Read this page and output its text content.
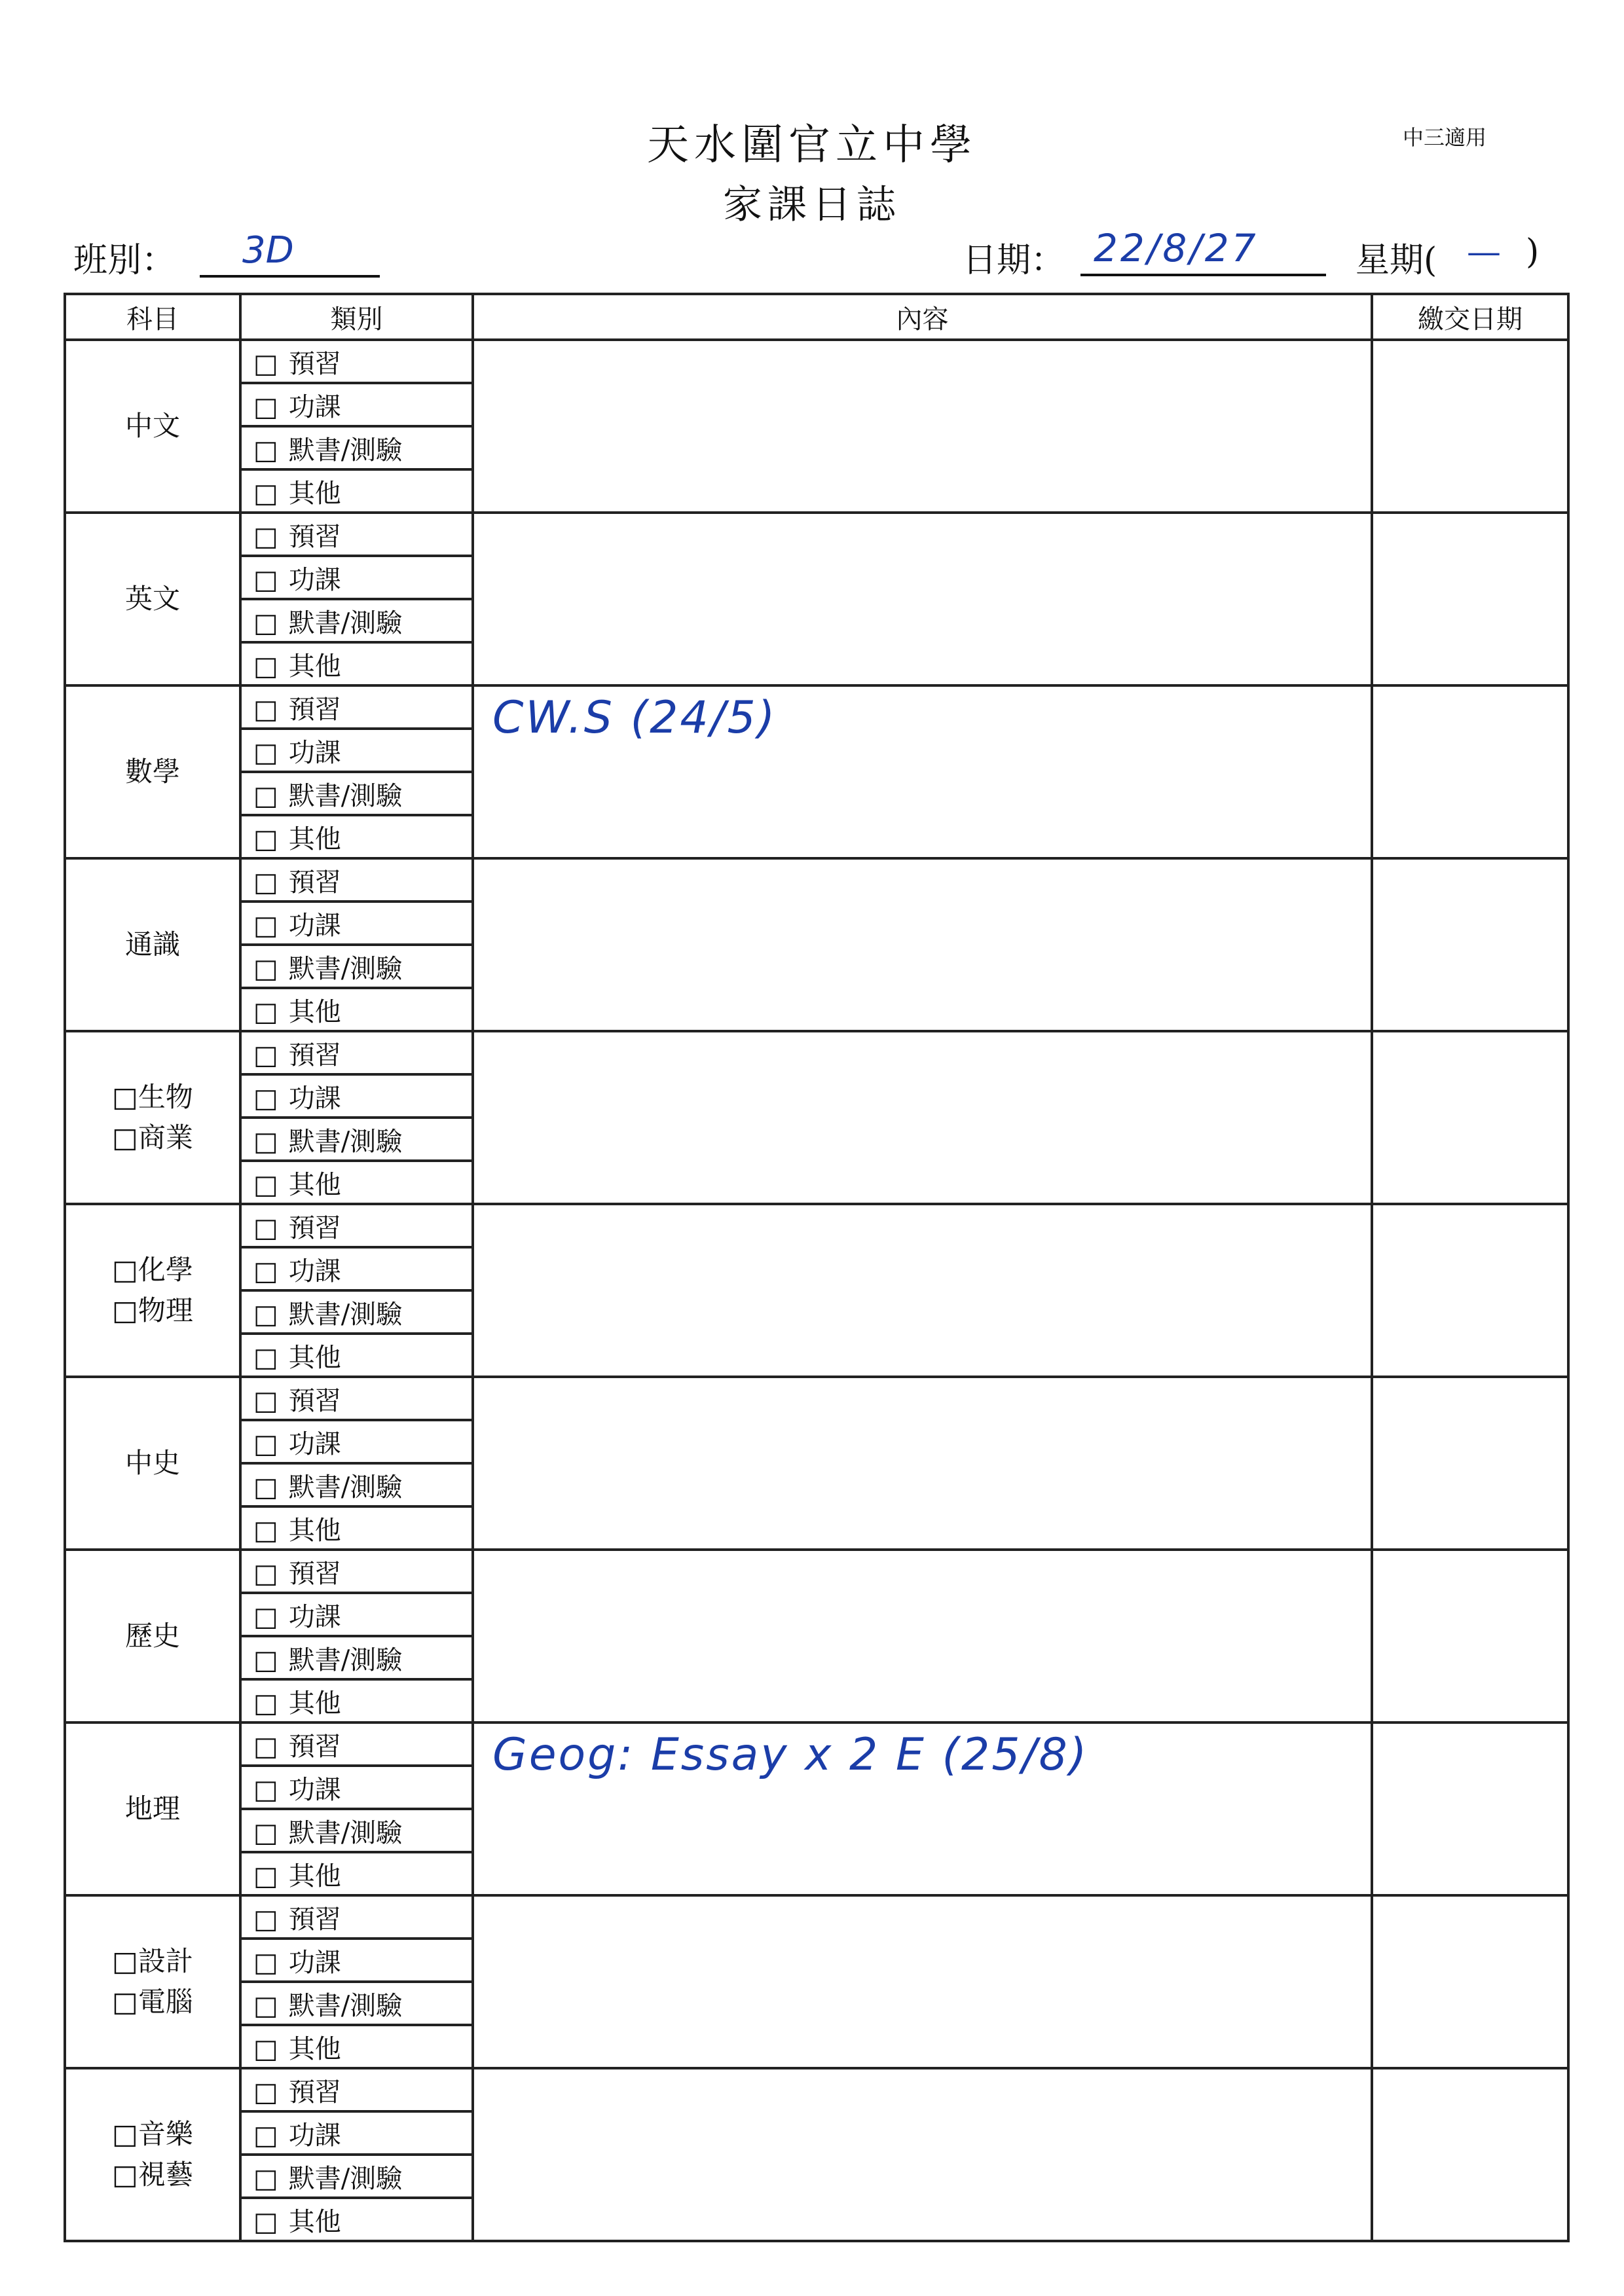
天水圍官立中學
家課日誌
中三適用
班別： 3D	日期： 22/8/27	星期( — )
科目	類別	內容	繳交日期

中文	□ 預習	

	□ 功課		
	□ 默書/測驗		
	□ 其他		

英文	□ 預習	

	□ 功課		
	□ 默書/測驗		
	□ 其他		

數學	□ 預習	CW.S (24/5)	

	□ 功課		
	□ 默書/測驗		
	□ 其他		

通識	□ 預習	

	□ 功課		
	□ 默書/測驗		
	□ 其他		

□生物
□商業	□ 預習	

	□ 功課		
	□ 默書/測驗		
	□ 其他		

□化學
□物理	□ 預習	

	□ 功課		
	□ 默書/測驗		
	□ 其他		

中史	□ 預習	

	□ 功課		
	□ 默書/測驗		
	□ 其他		

歷史	□ 預習	

	□ 功課		
	□ 默書/測驗		
	□ 其他		

地理	□ 預習	Geog: Essay x 2 E (25/8)	

	□ 功課		
	□ 默書/測驗		
	□ 其他		

□設計
□電腦	□ 預習	

	□ 功課		
	□ 默書/測驗		
	□ 其他		

□音樂
□視藝	□ 預習	

	□ 功課		
	□ 默書/測驗		
	□ 其他		
